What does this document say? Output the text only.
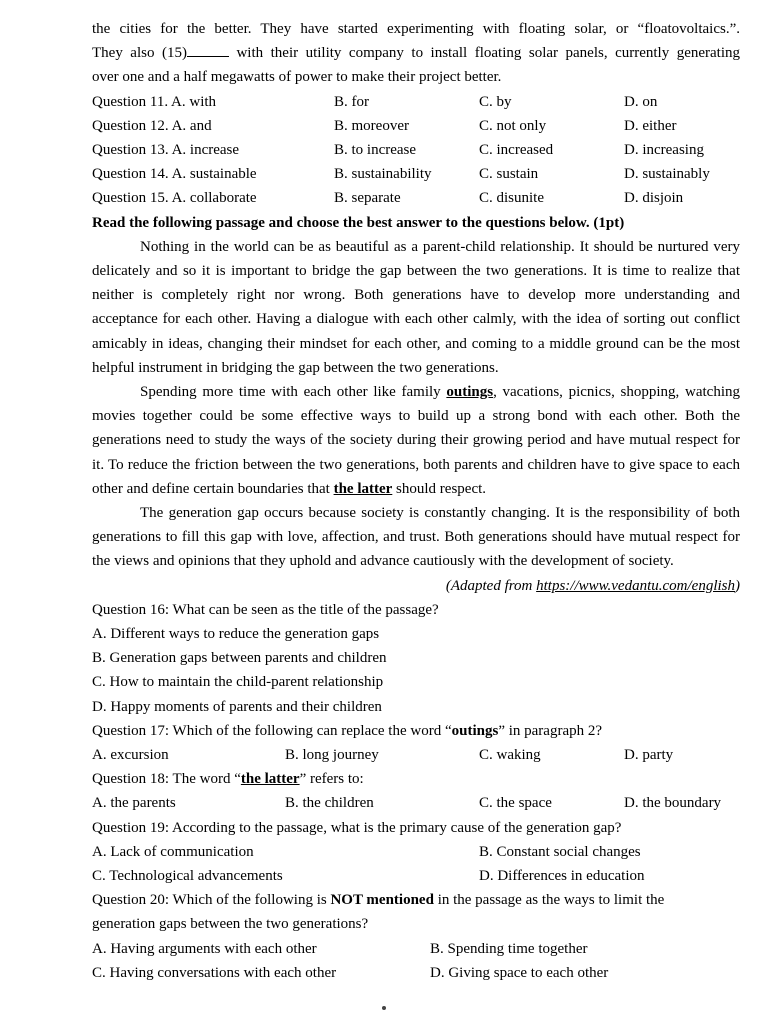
the cities for the better. They have started experimenting with floating solar, or “floatovoltaics.”.
They also (15)	with their utility company to install floating solar panels, currently generating
over one and a half megawatts of power to make their project better.
Question 11. A. with	B. for	C. by	D. on
Question 12. A. and	B. moreover	C. not only	D. either
Question 13. A. increase	B. to increase	C. increased	D. increasing
Question 14. A. sustainable	B. sustainability	C. sustain	D. sustainably
Question 15. A. collaborate	B. separate	C. disunite	D. disjoin
Read the following passage and choose the best answer to the questions below. (1pt)
Nothing in the world can be as beautiful as a parent-child relationship. It should be nurtured very delicately and so it is important to bridge the gap between the two generations. It is time to realize that neither is completely right nor wrong. Both generations have to develop more understanding and acceptance for each other. Having a dialogue with each other calmly, with the idea of sorting out conflict amicably in ideas, changing their mindset for each other, and coming to a middle ground can be the most helpful instrument in bridging the gap between the two generations.
Spending more time with each other like family outings, vacations, picnics, shopping, watching movies together could be some effective ways to build up a strong bond with each other. Both the generations need to study the ways of the society during their growing period and have mutual respect for it. To reduce the friction between the two generations, both parents and children have to give space to each other and define certain boundaries that the latter should respect.
The generation gap occurs because society is constantly changing. It is the responsibility of both generations to fill this gap with love, affection, and trust. Both generations should have mutual respect for the views and opinions that they uphold and advance cautiously with the development of society.
(Adapted from https://www.vedantu.com/english)
Question 16: What can be seen as the title of the passage?
A. Different ways to reduce the generation gaps
B. Generation gaps between parents and children
C. How to maintain the child-parent relationship
D. Happy moments of parents and their children
Question 17: Which of the following can replace the word “outings” in paragraph 2?
A. excursion	B. long journey	C. waking	D. party
Question 18: The word “the latter” refers to:
A. the parents	B. the children	C. the space	D. the boundary
Question 19: According to the passage, what is the primary cause of the generation gap?
A. Lack of communication	B. Constant social changes
C. Technological advancements	D. Differences in education
Question 20: Which of the following is NOT mentioned in the passage as the ways to limit the
generation gaps between the two generations?
A. Having arguments with each other	B. Spending time together
C. Having conversations with each other	D. Giving space to each other
